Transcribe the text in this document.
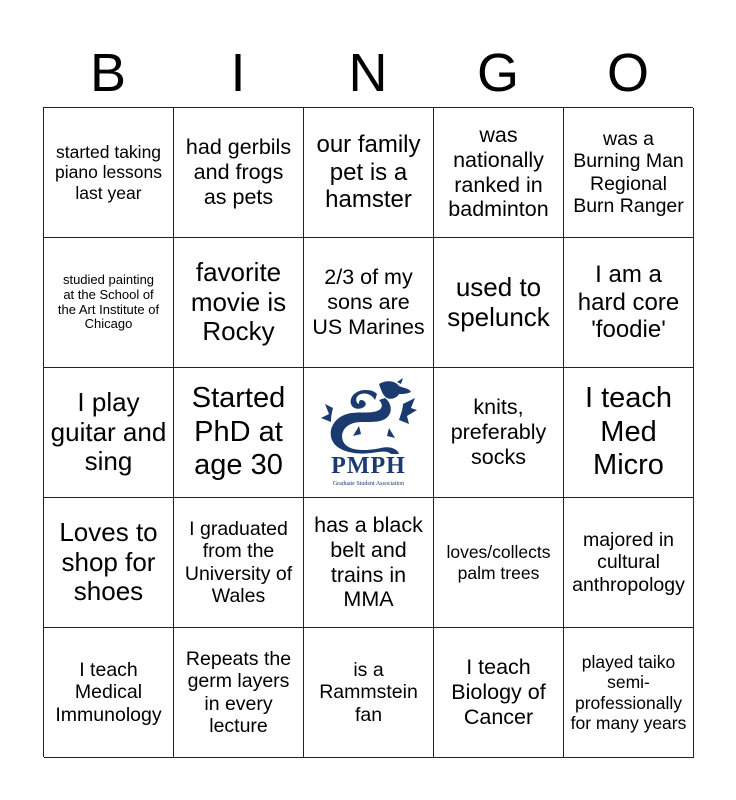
B	I	N	G	O
started taking piano lessons last year
had gerbils and frogs as pets
our family pet is a hamster
was nationally ranked in badminton
was a Burning Man Regional Burn Ranger
studied painting at the School of the Art Institute of Chicago
favorite movie is Rocky
2/3 of my sons are US Marines
used to spelunck
I am a hard core 'foodie'
I play guitar and sing
Started PhD at age 30	PMPH
Graduate Student Association
knits, preferably socks
I teach Med Micro
Loves to shop for shoes
I graduated from the University of Wales
has a black belt and trains in MMA
loves/collects palm trees
majored in cultural anthropology
I teach Medical Immunology
Repeats the germ layers in every lecture
is a Rammstein fan
I teach Biology of Cancer
played taiko semi-professionally for many years
